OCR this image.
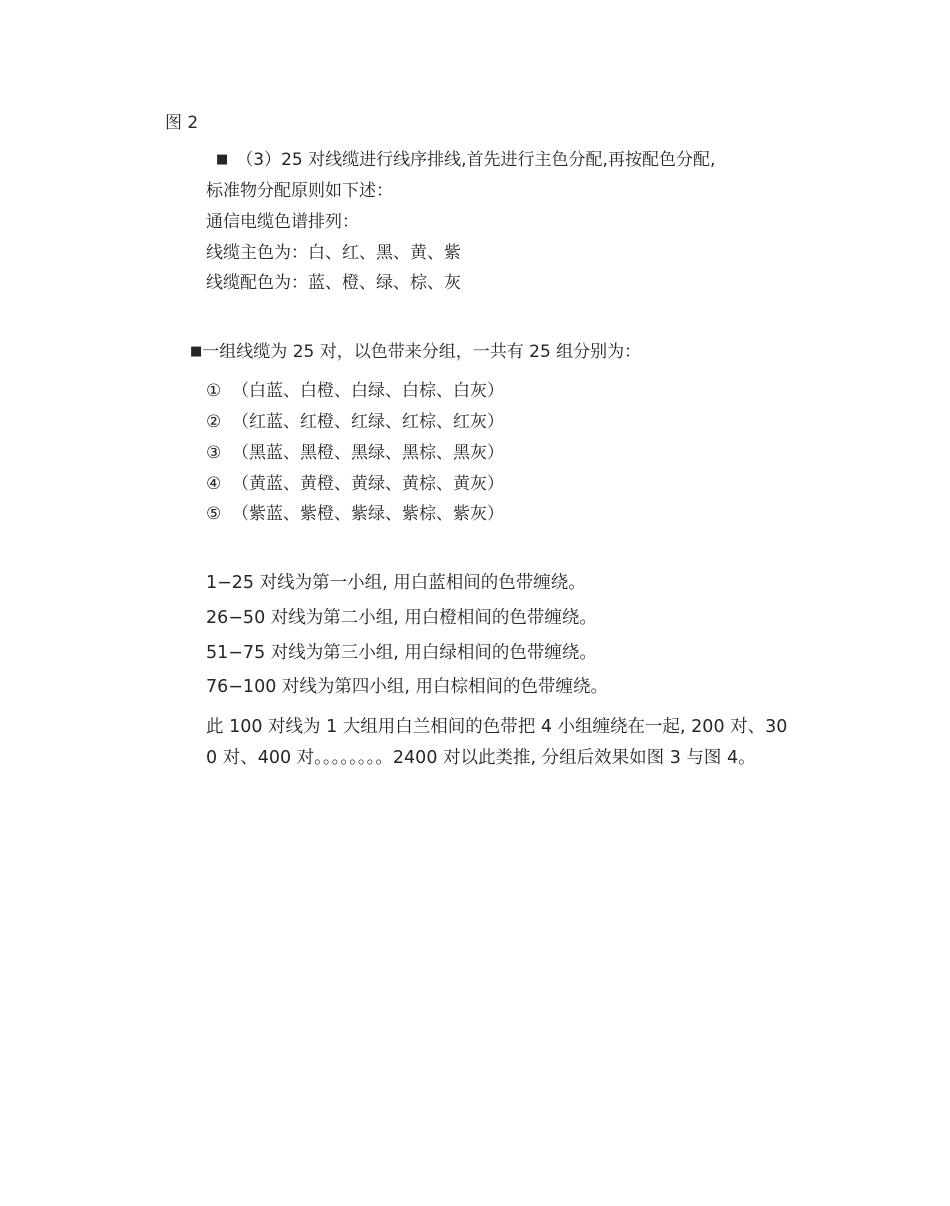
图 2
■ （3）25 对线缆进行线序排线,首先进行主色分配,再按配色分配,
标准物分配原则如下述：
通信电缆色谱排列：
线缆主色为：白、红、黑、黄、紫
线缆配色为：蓝、橙、绿、棕、灰
■一组线缆为 25 对，以色带来分组，一共有 25 组分别为：
① （白蓝、白橙、白绿、白棕、白灰）
② （红蓝、红橙、红绿、红棕、红灰）
③ （黑蓝、黑橙、黑绿、黑棕、黑灰）
④ （黄蓝、黄橙、黄绿、黄棕、黄灰）
⑤ （紫蓝、紫橙、紫绿、紫棕、紫灰）
1−25 对线为第一小组, 用白蓝相间的色带缠绕。
26−50 对线为第二小组, 用白橙相间的色带缠绕。
51−75 对线为第三小组, 用白绿相间的色带缠绕。
76−100 对线为第四小组, 用白棕相间的色带缠绕。
此 100 对线为 1 大组用白兰相间的色带把 4 小组缠绕在一起, 200 对、300 对、400 对。。。。。。。。2400 对以此类推, 分组后效果如图 3 与图 4。
